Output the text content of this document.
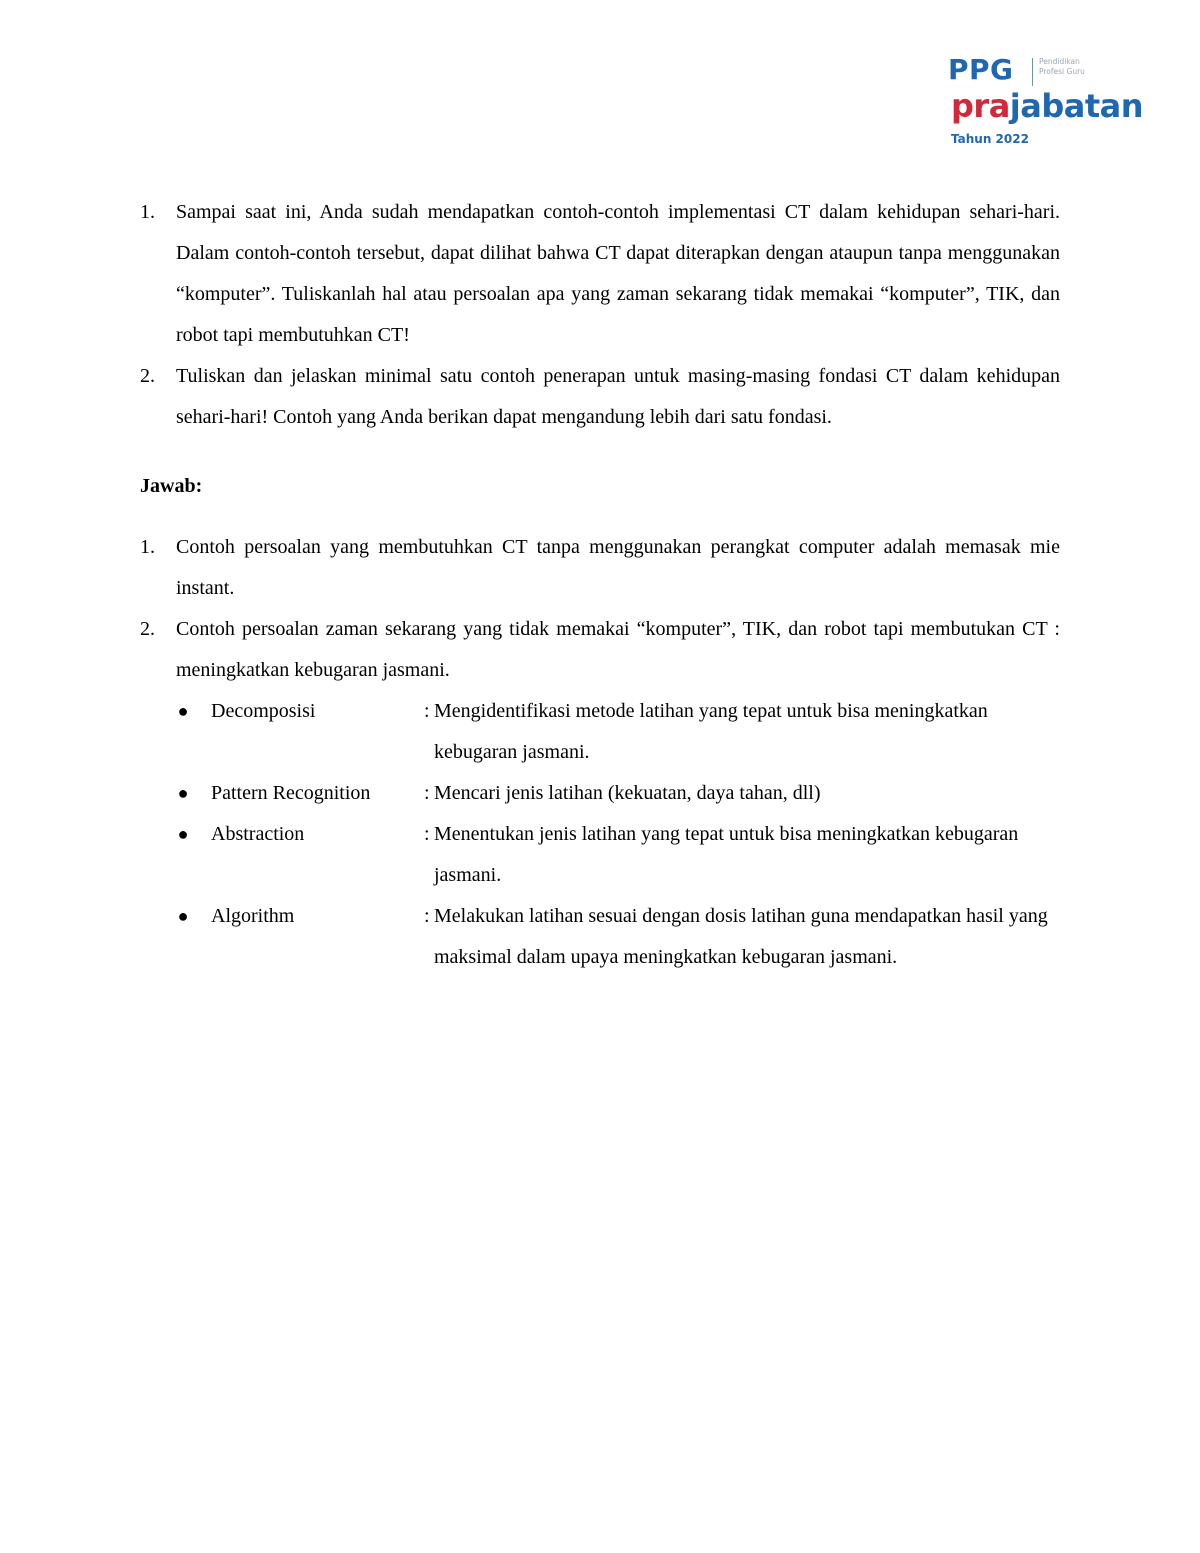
PPG	Pendidikan Profesi Guru
prajabatan
Tahun 2022
1. Sampai saat ini, Anda sudah mendapatkan contoh-contoh implementasi CT dalam kehidupan sehari-hari. Dalam contoh-contoh tersebut, dapat dilihat bahwa CT dapat diterapkan dengan ataupun tanpa menggunakan “komputer”. Tuliskanlah hal atau persoalan apa yang zaman sekarang tidak memakai “komputer”, TIK, dan robot tapi membutuhkan CT!
2. Tuliskan dan jelaskan minimal satu contoh penerapan untuk masing-masing fondasi CT dalam kehidupan sehari-hari! Contoh yang Anda berikan dapat mengandung lebih dari satu fondasi.
Jawab:
1. Contoh persoalan yang membutuhkan CT tanpa menggunakan perangkat computer adalah memasak mie instant.
2. Contoh persoalan zaman sekarang yang tidak memakai “komputer”, TIK, dan robot tapi membutukan CT : meningkatkan kebugaran jasmani.
● Decomposisi	: Mengidentifikasi metode latihan yang tepat untuk bisa meningkatkan kebugaran jasmani.
● Pattern Recognition	: Mencari jenis latihan (kekuatan, daya tahan, dll)
● Abstraction	: Menentukan jenis latihan yang tepat untuk bisa meningkatkan kebugaran jasmani.
● Algorithm	: Melakukan latihan sesuai dengan dosis latihan guna mendapatkan hasil yang maksimal dalam upaya meningkatkan kebugaran jasmani.
